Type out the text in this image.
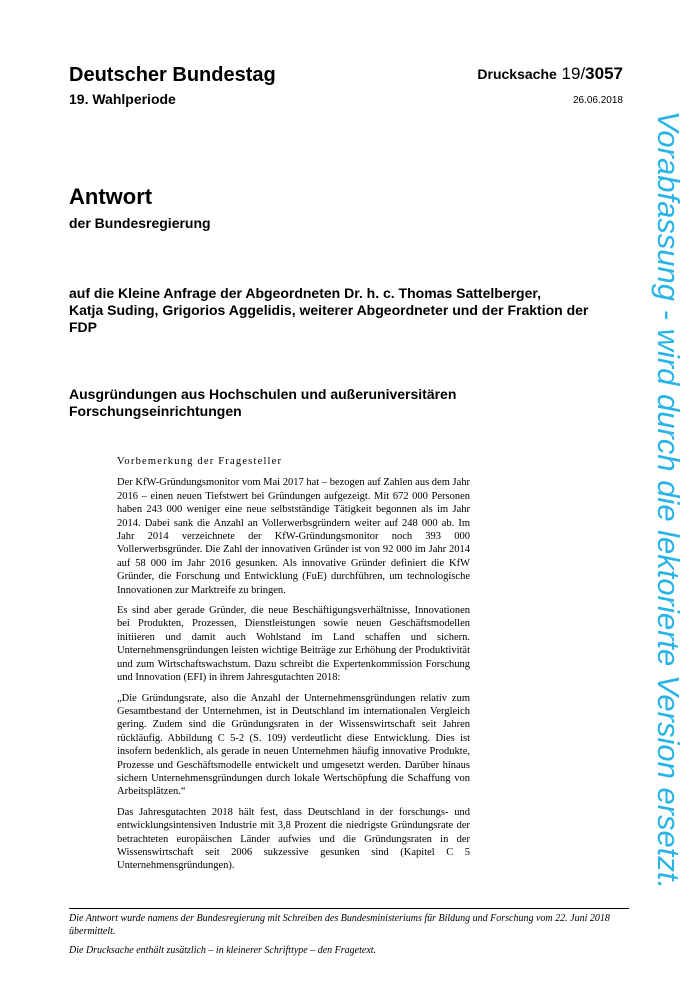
Deutscher Bundestag
19. Wahlperiode
Drucksache 19/3057
26.06.2018
Antwort
der Bundesregierung
auf die Kleine Anfrage der Abgeordneten Dr. h. c. Thomas Sattelberger,
Katja Suding, Grigorios Aggelidis, weiterer Abgeordneter und der Fraktion der
FDP
Ausgründungen aus Hochschulen und außeruniversitären
Forschungseinrichtungen
Vorbemerkung der Fragesteller

Der KfW-Gründungsmonitor vom Mai 2017 hat – bezogen auf Zahlen aus dem Jahr 2016 – einen neuen Tiefstwert bei Gründungen aufgezeigt. Mit 672 000 Personen haben 243 000 weniger eine neue selbstständige Tätigkeit begonnen als im Jahr 2014. Dabei sank die Anzahl an Vollerwerbsgründern weiter auf 248 000 ab. Im Jahr 2014 verzeichnete der KfW-Gründungsmonitor noch 393 000 Vollerwerbsgründer. Die Zahl der innovativen Gründer ist von 92 000 im Jahr 2014 auf 58 000 im Jahr 2016 gesunken. Als innovative Gründer definiert die KfW Gründer, die Forschung und Entwicklung (FuE) durchführen, um technologische Innovationen zur Marktreife zu bringen.

Es sind aber gerade Gründer, die neue Beschäftigungsverhältnisse, Innovationen bei Produkten, Prozessen, Dienstleistungen sowie neuen Geschäftsmodellen initiieren und damit auch Wohlstand im Land schaffen und sichern. Unternehmensgründungen leisten wichtige Beiträge zur Erhöhung der Produktivität und zum Wirtschaftswachstum. Dazu schreibt die Expertenkommission Forschung und Innovation (EFI) in ihrem Jahresgutachten 2018:

„Die Gründungsrate, also die Anzahl der Unternehmensgründungen relativ zum Gesamtbestand der Unternehmen, ist in Deutschland im internationalen Vergleich gering. Zudem sind die Gründungsraten in der Wissenswirtschaft seit Jahren rückläufig. Abbildung C 5-2 (S. 109) verdeutlicht diese Entwicklung. Dies ist insofern bedenklich, als gerade in neuen Unternehmen häufig innovative Produkte, Prozesse und Geschäftsmodelle entwickelt und umgesetzt werden. Darüber hinaus sichern Unternehmensgründungen durch lokale Wertschöpfung die Schaffung von Arbeitsplätzen.“

Das Jahresgutachten 2018 hält fest, dass Deutschland in der forschungs- und entwicklungsintensiven Industrie mit 3,8 Prozent die niedrigste Gründungsrate der betrachteten europäischen Länder aufwies und die Gründungsraten in der Wissenswirtschaft seit 2006 sukzessive gesunken sind (Kapitel C 5 Unternehmensgründungen).

Die Antwort wurde namens der Bundesregierung mit Schreiben des Bundesministeriums für Bildung und Forschung vom 22. Juni 2018 übermittelt.
Die Drucksache enthält zusätzlich – in kleinerer Schrifttype – den Fragetext.
Vorabfassung - wird durch die lektorierte Version ersetzt.
